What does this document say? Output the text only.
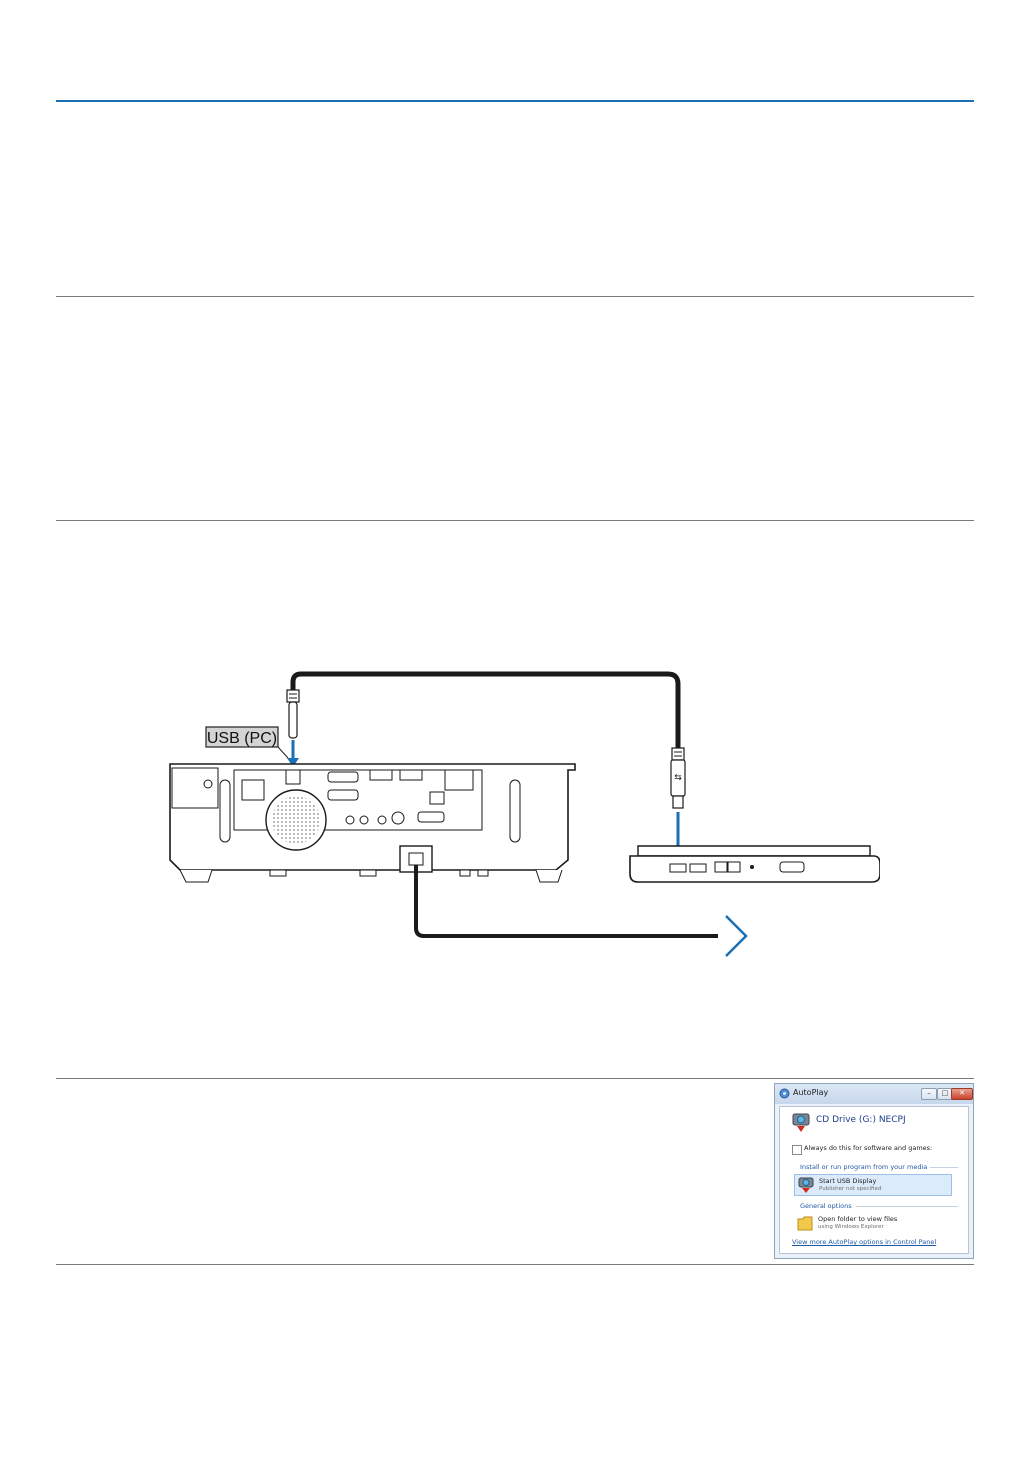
⇆
USB (PC)
AutoPlay	–	□	✕
CD Drive (G:) NECPJ
Always do this for software and games:
Install or run program from your media
Start USB Display
Publisher not specified
General options
Open folder to view files
using Windows Explorer
View more AutoPlay options in Control Panel
